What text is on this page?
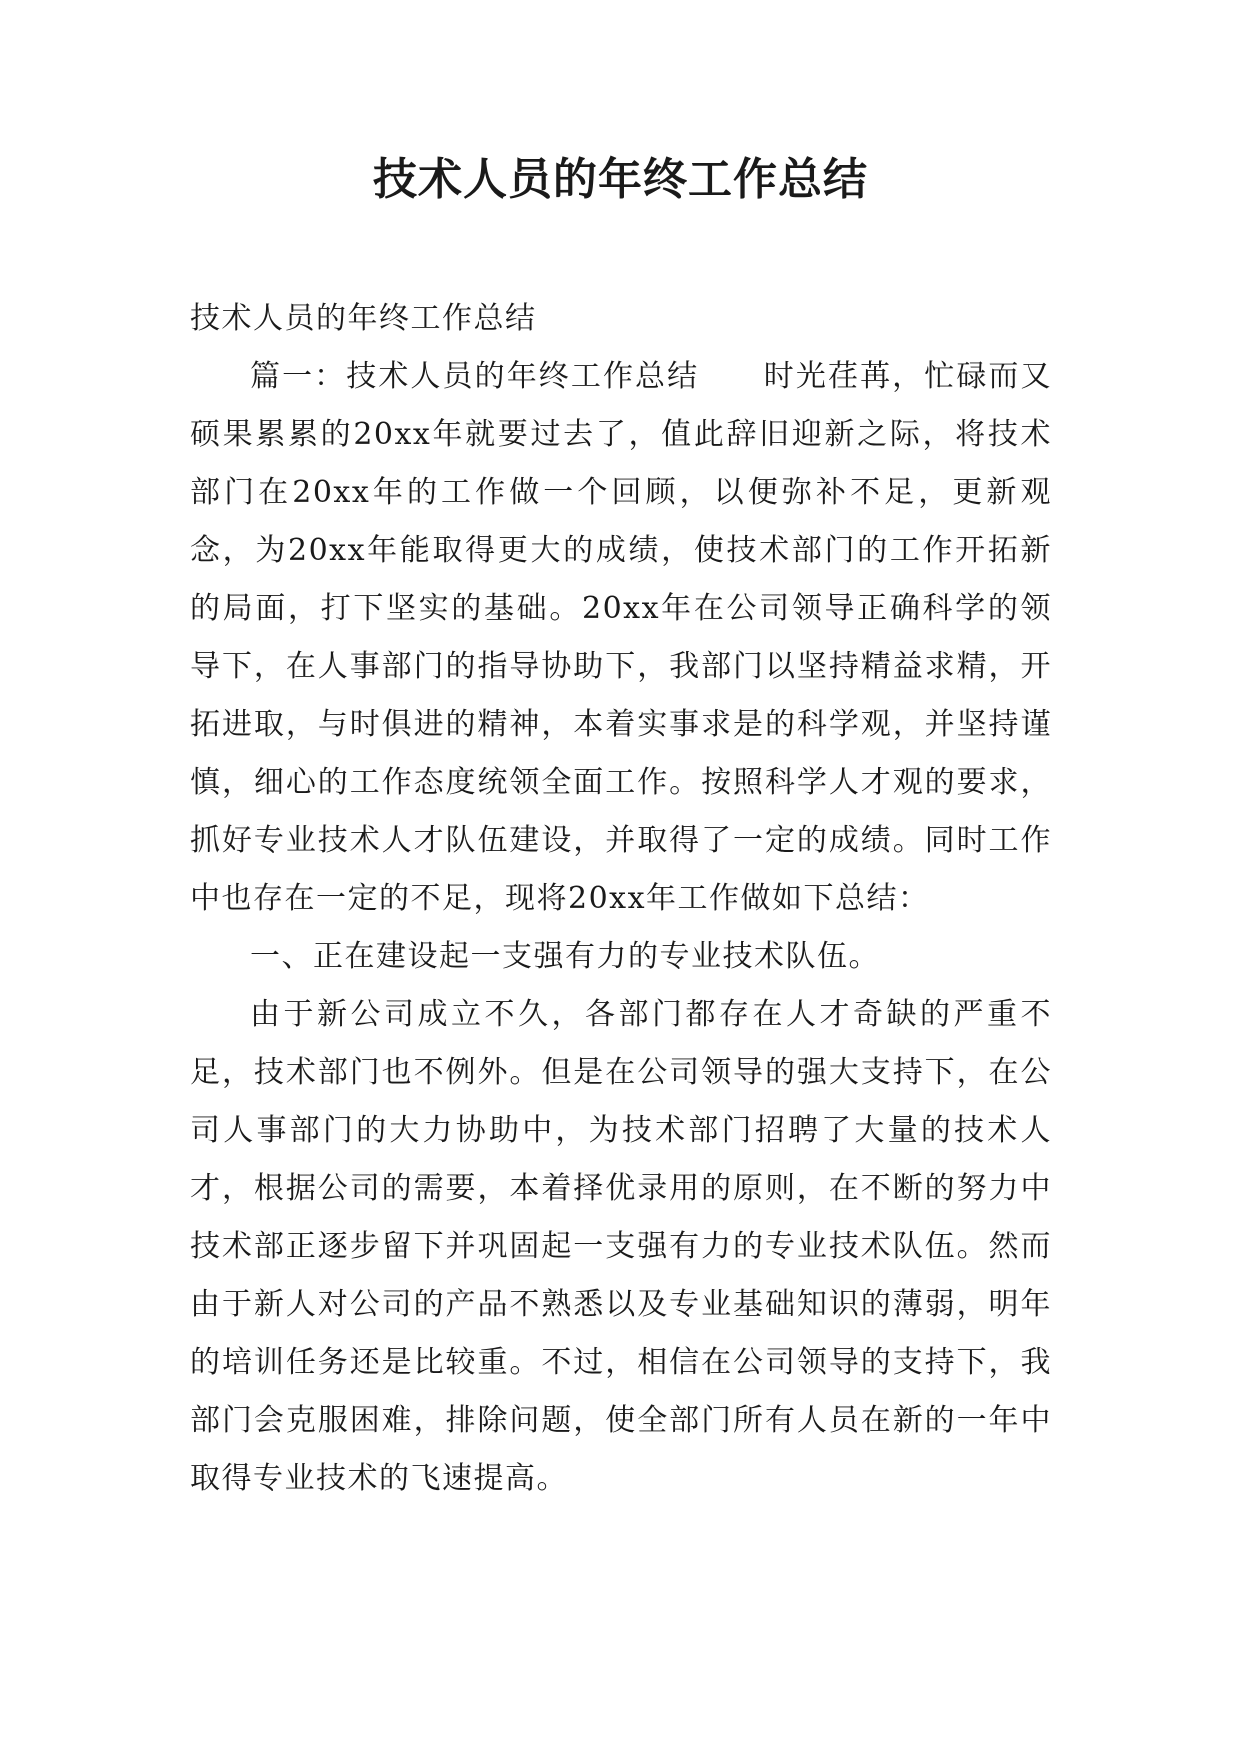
技术人员的年终工作总结

技术人员的年终工作总结

篇一：技术人员的年终工作总结 时光荏苒，忙碌而又硕果累累的20xx年就要过去了，值此辞旧迎新之际，将技术部门在20xx年的工作做一个回顾，以便弥补不足，更新观念，为20xx年能取得更大的成绩，使技术部门的工作开拓新的局面，打下坚实的基础。20xx年在公司领导正确科学的领导下，在人事部门的指导协助下，我部门以坚持精益求精，开拓进取，与时俱进的精神，本着实事求是的科学观，并坚持谨慎，细心的工作态度统领全面工作。按照科学人才观的要求，抓好专业技术人才队伍建设，并取得了一定的成绩。同时工作中也存在一定的不足，现将20xx年工作做如下总结：

一、正在建设起一支强有力的专业技术队伍。

由于新公司成立不久，各部门都存在人才奇缺的严重不足，技术部门也不例外。但是在公司领导的强大支持下，在公司人事部门的大力协助中，为技术部门招聘了大量的技术人才，根据公司的需要，本着择优录用的原则，在不断的努力中技术部正逐步留下并巩固起一支强有力的专业技术队伍。然而由于新人对公司的产品不熟悉以及专业基础知识的薄弱，明年的培训任务还是比较重。不过，相信在公司领导的支持下，我部门会克服困难，排除问题，使全部门所有人员在新的一年中取得专业技术的飞速提高。
